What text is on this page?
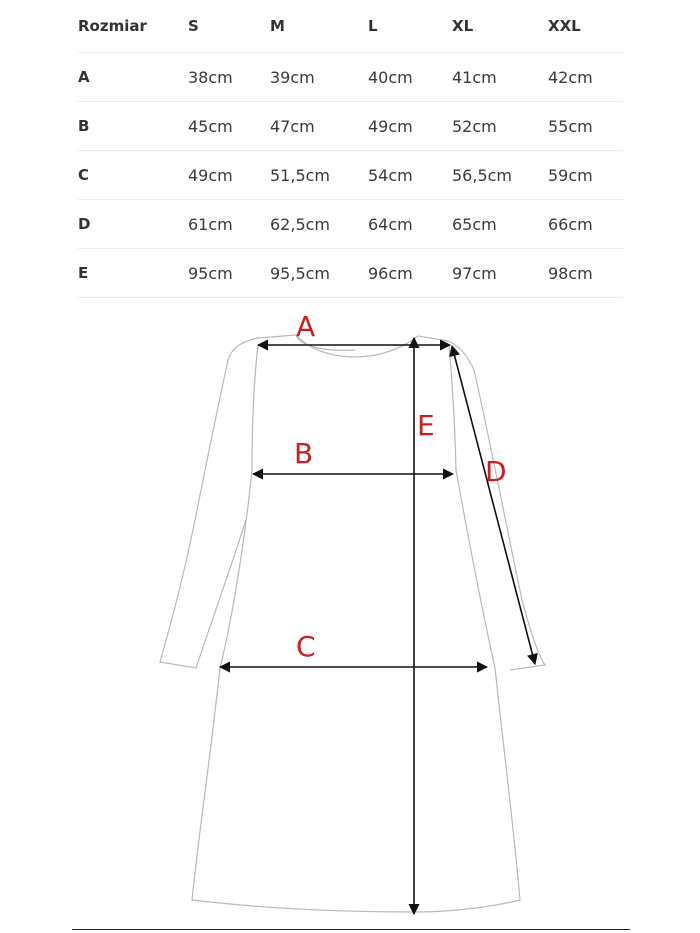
Rozmiar	S	M	L	XL	XXL
A	38cm	39cm	40cm	41cm	42cm
B	45cm	47cm	49cm	52cm	55cm
C	49cm	51,5cm	54cm	56,5cm	59cm
D	61cm	62,5cm	64cm	65cm	66cm
E	95cm	95,5cm	96cm	97cm	98cm
A
B
C
D
E
